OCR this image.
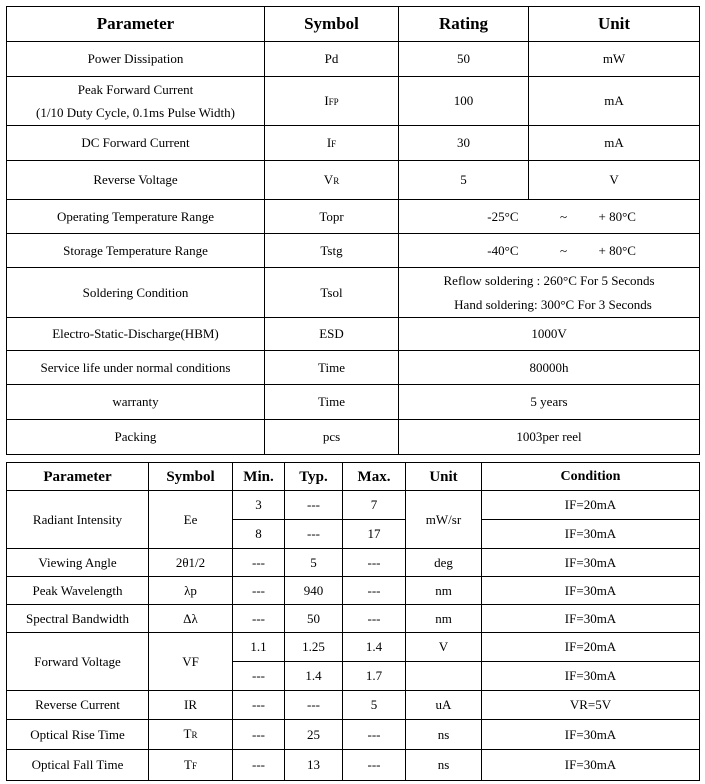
Parameter	Symbol	Rating	Unit	
Power Dissipation	Pd	50	mW	

Peak Forward Current
(1/10 Duty Cycle, 0.1ms Pulse Width)	IFP	100	mA	
DC Forward Current	IF	30	mA	
Reverse Voltage	VR	5	V	
Operating Temperature Range	Topr	-25°C	~	+ 80°C
Storage Temperature Range	Tstg	-40°C	~	+ 80°C
Soldering Condition	Tsol	Reflow soldering : 260°C For 5 Seconds
Hand soldering: 300°C For 3 Seconds		

Electro-Static-Discharge(HBM)	ESD	1000V		
Service life under normal conditions	Time	80000h		
warranty	Time	5 years		
Packing	pcs	1003per reel		
Parameter	Symbol	Min.	Typ.	Max.	Unit	Condition
Radiant Intensity	Ee	3	---	7	mW/sr	IF=20mA
		8	---	17		IF=30mA
Viewing Angle	2θ1/2	---	5	---	deg	IF=30mA
Peak Wavelength	λp	---	940	---	nm	IF=30mA
Spectral Bandwidth	Δλ	---	50	---	nm	IF=30mA
Forward Voltage	VF	1.1	1.25	1.4	V	IF=20mA
		---	1.4	1.7		IF=30mA
Reverse Current	IR	---	---	5	uA	VR=5V
Optical Rise Time	TR	---	25	---	ns	IF=30mA
Optical Fall Time	TF	---	13	---	ns	IF=30mA
